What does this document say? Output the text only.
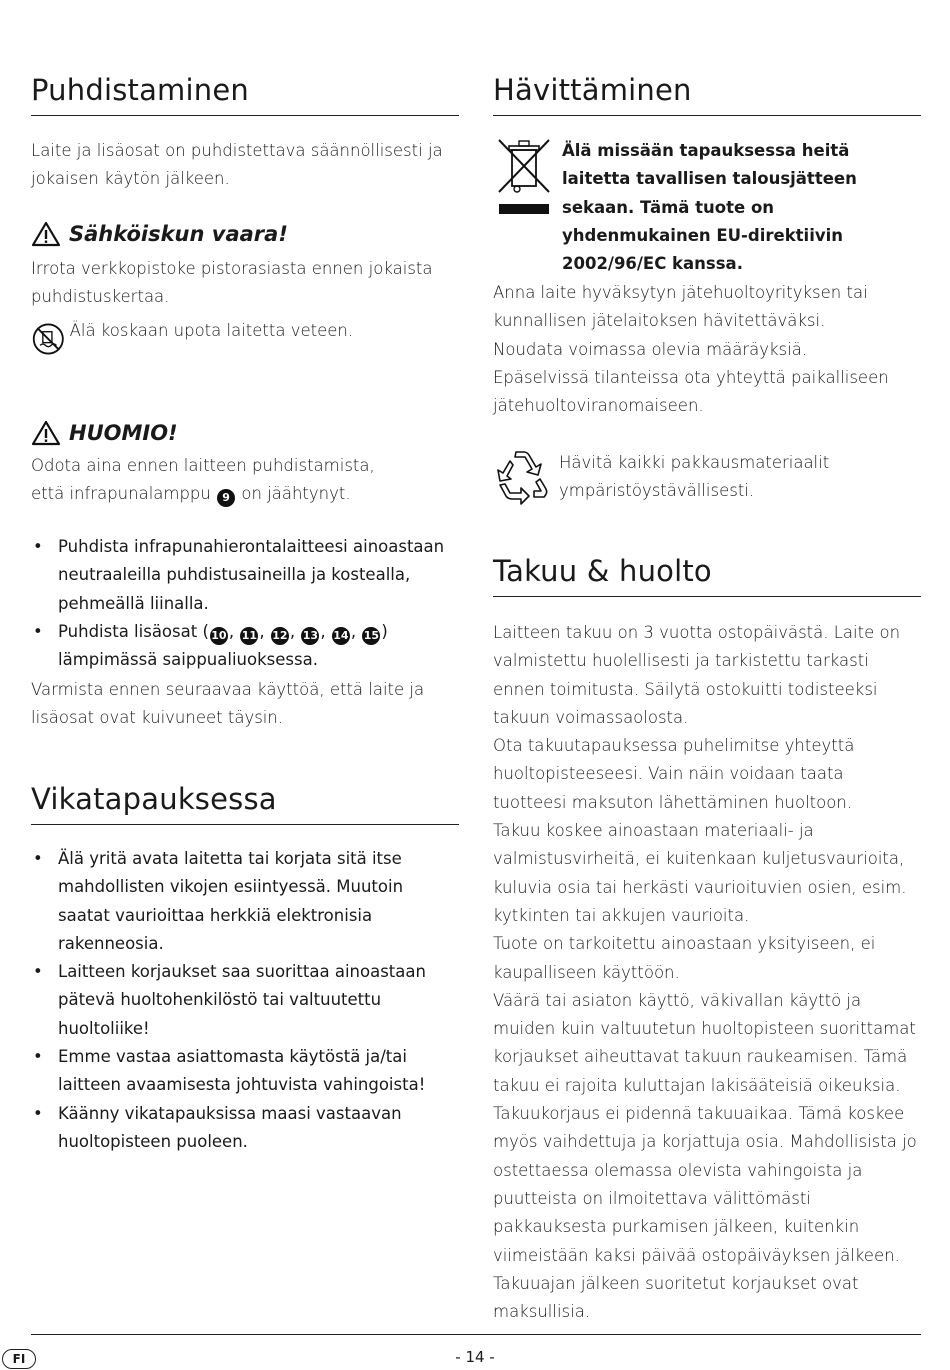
Puhdistaminen

Laite ja lisäosat on puhdistettava säännöllisesti ja jokaisen käytön jälkeen.

Sähköiskun vaara!

Irrota verkkopistoke pistorasiasta ennen jokaista puhdistuskertaa.

Älä koskaan upota laitetta veteen.
HUOMIO!

Odota aina ennen laitteen puhdistamista,
että infrapunalamppu 9 on jäähtynyt.

• Puhdista infrapunahierontalaitteesi ainoastaan neutraaleilla puhdistusaineilla ja kostealla, pehmeällä liinalla.
• Puhdista lisäosat ( 10 , 11 , 12 , 13 , 14 , 15 ) lämpimässä saippualiuoksessa.

Varmista ennen seuraavaa käyttöä, että laite ja lisäosat ovat kuivuneet täysin.

Vikatapauksessa
• Älä yritä avata laitetta tai korjata sitä itse mahdollisten vikojen esiintyessä. Muutoin saatat vaurioittaa herkkiä elektronisia rakenneosia.
• Laitteen korjaukset saa suorittaa ainoastaan pätevä huoltohenkilöstö tai valtuutettu huoltoliike!
• Emme vastaa asiattomasta käytöstä ja/tai laitteen avaamisesta johtuvista vahingoista!
• Käänny vikatapauksissa maasi vastaavan huoltopisteen puoleen.
Hävittäminen

Älä missään tapauksessa heitä laitetta tavallisen talousjätteen sekaan. Tämä tuote on yhdenmukainen EU-direktiivin 2002/96/EC kanssa.

Anna laite hyväksytyn jätehuoltoyrityksen tai kunnallisen jätelaitoksen hävitettäväksi.

Noudata voimassa olevia määräyksiä.

Epäselvissä tilanteissa ota yhteyttä paikalliseen jätehuoltoviranomaiseen.

Hävitä kaikki pakkausmateriaalit ympäristöystävällisesti.

Takuu & huolto

Laitteen takuu on 3 vuotta ostopäivästä. Laite on valmistettu huolellisesti ja tarkistettu tarkasti ennen toimitusta. Säilytä ostokuitti todisteeksi takuun voimassaolosta.

Ota takuutapauksessa puhelimitse yhteyttä huoltopisteeseesi. Vain näin voidaan taata tuotteesi maksuton lähettäminen huoltoon.

Takuu koskee ainoastaan materiaali- ja valmistusvirheitä, ei kuitenkaan kuljetusvaurioita, kuluvia osia tai herkästi vaurioituvien osien, esim. kytkinten tai akkujen vaurioita.

Tuote on tarkoitettu ainoastaan yksityiseen, ei kaupalliseen käyttöön.

Väärä tai asiaton käyttö, väkivallan käyttö ja muiden kuin valtuutetun huoltopisteen suorittamat korjaukset aiheuttavat takuun raukeamisen. Tämä takuu ei rajoita kuluttajan lakisääteisiä oikeuksia.

Takuukorjaus ei pidennä takuuaikaa. Tämä koskee myös vaihdettuja ja korjattuja osia. Mahdollisista jo ostettaessa olemassa olevista vahingoista ja puutteista on ilmoitettava välittömästi pakkauksesta purkamisen jälkeen, kuitenkin viimeistään kaksi päivää ostopäiväyksen jälkeen. Takuuajan jälkeen suoritetut korjaukset ovat maksullisia.

FI	- 14 -
